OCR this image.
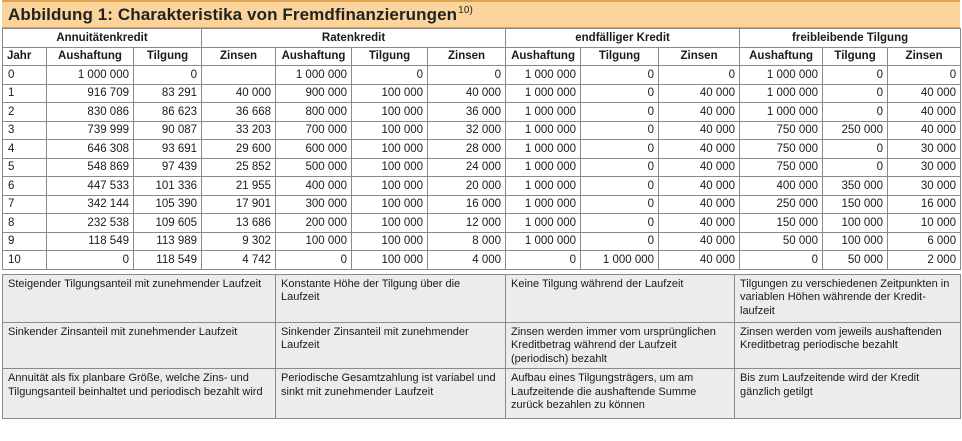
Abbildung 1: Charakteristika von Fremdfinanzierungen$^{10)}$
Annuitätenkredit			Ratenkredit				endfälliger Kredit			freibleibende Tilgung		
Jahr	Aushaftung	Tilgung	Zinsen	Aushaftung	Tilgung	Zinsen	Aushaftung	Tilgung	Zinsen	Aushaftung	Tilgung	Zinsen
0	1 000 000	0		1 000 000	0	0	1 000 000	0	0	1 000 000	0	0
1	916 709	83 291	40 000	900 000	100 000	40 000	1 000 000	0	40 000	1 000 000	0	40 000
2	830 086	86 623	36 668	800 000	100 000	36 000	1 000 000	0	40 000	1 000 000	0	40 000
3	739 999	90 087	33 203	700 000	100 000	32 000	1 000 000	0	40 000	750 000	250 000	40 000
4	646 308	93 691	29 600	600 000	100 000	28 000	1 000 000	0	40 000	750 000	0	30 000
5	548 869	97 439	25 852	500 000	100 000	24 000	1 000 000	0	40 000	750 000	0	30 000
6	447 533	101 336	21 955	400 000	100 000	20 000	1 000 000	0	40 000	400 000	350 000	30 000
7	342 144	105 390	17 901	300 000	100 000	16 000	1 000 000	0	40 000	250 000	150 000	16 000
8	232 538	109 605	13 686	200 000	100 000	12 000	1 000 000	0	40 000	150 000	100 000	10 000
9	118 549	113 989	9 302	100 000	100 000	8 000	1 000 000	0	40 000	50 000	100 000	6 000
10	0	118 549	4 742	0	100 000	4 000	0	1 000 000	40 000	0	50 000	2 000
Steigender Tilgungsanteil mit zunehmender Laufzeit	Konstante Höhe der Tilgung über die Laufzeit	Keine Tilgung während der Laufzeit	Tilgungen zu verschiedenen Zeitpunkten in variablen Höhen währende der Kredit-laufzeit
Sinkender Zinsanteil mit zunehmender Laufzeit	Sinkender Zinsanteil mit zunehmender Laufzeit	Zinsen werden immer vom ursprünglichen Kreditbetrag während der Laufzeit (periodisch) bezahlt	Zinsen werden vom jeweils aushaftenden Kreditbetrag periodische bezahlt
Annuität als fix planbare Größe, welche Zins- und Tilgungsanteil beinhaltet und periodisch bezahlt wird	Periodische Gesamtzahlung ist variabel und sinkt mit zunehmender Laufzeit	Aufbau eines Tilgungsträgers, um am Laufzeitende die aushaftende Summe zurück bezahlen zu können	Bis zum Laufzeitende wird der Kredit gänzlich getilgt
